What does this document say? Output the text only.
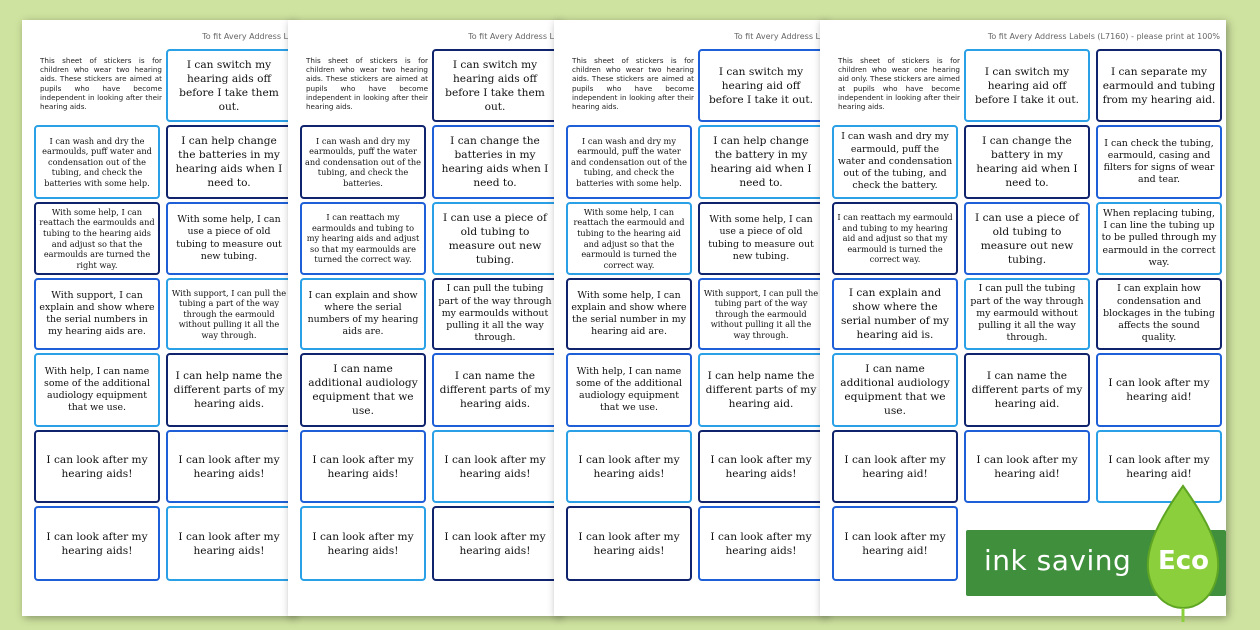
To fit Avery Address L
This sheet of stickers is for children who wear two hearing aids. These stickers are aimed at pupils who have become independent in looking after their hearing aids.
I can switch my hearing aids off before I take them out.
I can wash and dry the earmoulds, puff water and condensation out of the tubing, and check the batteries with some help.
I can help change the batteries in my hearing aids when I need to.
With some help, I can reattach the earmoulds and tubing to the hearing aids and adjust so that the earmoulds are turned the right way.
With some help, I can use a piece of old tubing to measure out new tubing.
With support, I can explain and show where the serial numbers in my hearing aids are.
With support, I can pull the tubing a part of the way through the earmould without pulling it all the way through.
With help, I can name some of the additional audiology equipment that we use.
I can help name the different parts of my hearing aids.
I can look after my hearing aids!
I can look after my hearing aids!
I can look after my hearing aids!
I can look after my hearing aids!
To fit Avery Address L
This sheet of stickers is for children who wear two hearing aids. These stickers are aimed at pupils who have become independent in looking after their hearing aids.
I can switch my hearing aids off before I take them out.
I can wash and dry my earmoulds, puff the water and condensation out of the tubing, and check the batteries.
I can change the batteries in my hearing aids when I need to.
I can reattach my earmoulds and tubing to my hearing aids and adjust so that my earmoulds are turned the correct way.
I can use a piece of old tubing to measure out new tubing.
I can explain and show where the serial numbers of my hearing aids are.
I can pull the tubing part of the way through my earmoulds without pulling it all the way through.
I can name additional audiology equipment that we use.
I can name the different parts of my hearing aids.
I can look after my hearing aids!
I can look after my hearing aids!
I can look after my hearing aids!
I can look after my hearing aids!
To fit Avery Address L
This sheet of stickers is for children who wear two hearing aids. These stickers are aimed at pupils who have become independent in looking after their hearing aids.
I can switch my hearing aid off before I take it out.
I can wash and dry my earmould, puff the water and condensation out of the tubing, and check the batteries with some help.
I can help change the battery in my hearing aid when I need to.
With some help, I can reattach the earmould and tubing to the hearing aid and adjust so that the earmould is turned the correct way.
With some help, I can use a piece of old tubing to measure out new tubing.
With some help, I can explain and show where the serial number in my hearing aid are.
With support, I can pull the tubing part of the way through the earmould without pulling it all the way through.
With help, I can name some of the additional audiology equipment that we use.
I can help name the different parts of my hearing aid.
I can look after my hearing aids!
I can look after my hearing aids!
I can look after my hearing aids!
I can look after my hearing aids!
To fit Avery Address Labels (L7160) - please print at 100%
This sheet of stickers is for children who wear one hearing aid only. These stickers are aimed at pupils who have become independent in looking after their hearing aids.
I can switch my hearing aid off before I take it out.
I can separate my earmould and tubing from my hearing aid.
I can wash and dry my earmould, puff the water and condensation out of the tubing, and check the battery.
I can change the battery in my hearing aid when I need to.
I can check the tubing, earmould, casing and filters for signs of wear and tear.
I can reattach my earmould and tubing to my hearing aid and adjust so that my earmould is turned the correct way.
I can use a piece of old tubing to measure out new tubing.
When replacing tubing, I can line the tubing up to be pulled through my earmould in the correct way.
I can explain and show where the serial number of my hearing aid is.
I can pull the tubing part of the way through my earmould without pulling it all the way through.
I can explain how condensation and blockages in the tubing affects the sound quality.
I can name additional audiology equipment that we use.
I can name the different parts of my hearing aid.
I can look after my hearing aid!
I can look after my hearing aid!
I can look after my hearing aid!
I can look after my hearing aid!
I can look after my hearing aid!	ink saving Eco
